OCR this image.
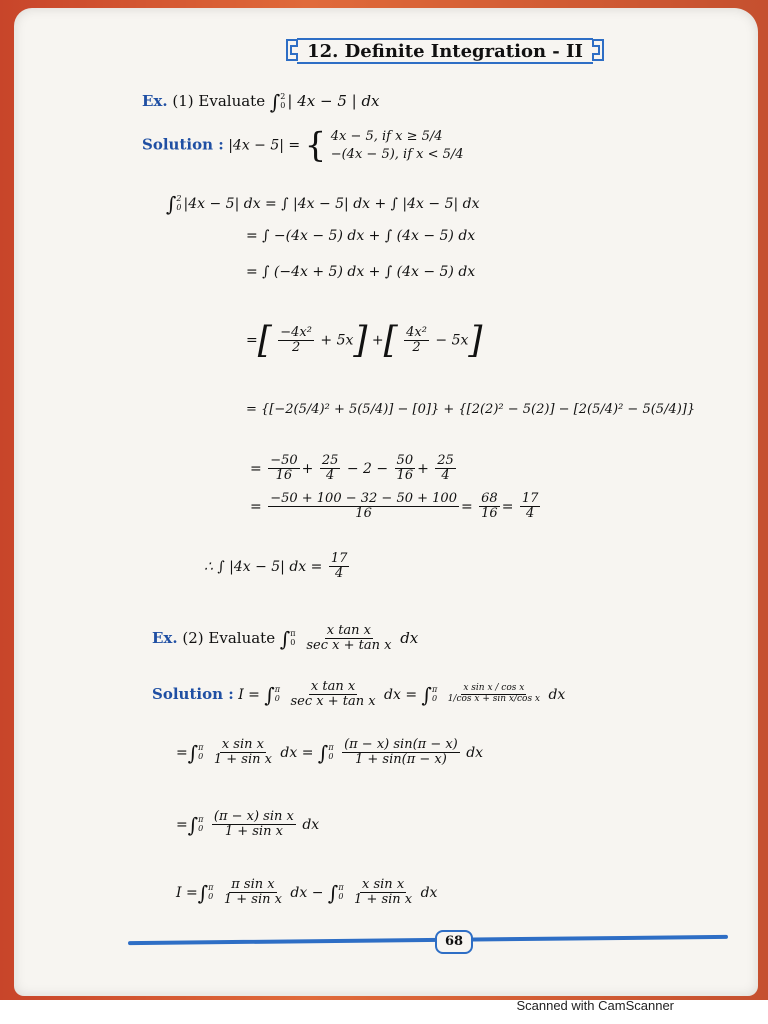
12. Definite Integration - II
Ex. (1) Evaluate ∫ 2
0 | 4x − 5 | dx
Solution : |4x − 5| = { 4x − 5, if x ≥ 5/4
−(4x − 5), if x < 5/4
∫ 2
0 |4x − 5| dx = ∫ |4x − 5| dx + ∫ |4x − 5| dx
= ∫ −(4x − 5) dx + ∫ (4x − 5) dx
= ∫ (−4x + 5) dx + ∫ (4x − 5) dx
=[ $\frac{\text{−4x²}}{2} + 5x$] +[ $\frac{\text{4x²}}{2} - 5x$]
= {[−2(5/4)² + 5(5/4)] − [0]} + {[2(2)² − 5(2)] − [2(5/4)² − 5(5/4)]}
= $\frac{-50}{16} + \frac{25}{4} - 2 - \frac{50}{16} + \frac{25}{4}$
= $\frac{-50 + 100 - 32 - 50 + 100}{16} = \frac{68}{16} = \frac{17}{4}$
∴ ∫ |4x − 5| dx = $\frac{17}{4}$
Ex. (2) Evaluate ∫ π
0
$\frac{\text{x tan x}}{\text{sec x + tan x}}$ dx
Solution : I = ∫ π
0
$\frac{\text{x tan x}}{\text{sec x + tan x}}$ dx = ∫ π
0
$\frac{\text{x sin x / cos x}}{\text{1/cos x + sin x/cos x}}$ dx
=∫ π
0
$\frac{\text{x sin x}}{\text{1 + sin x}}$ dx = ∫ π
0
$\frac{(\pi - x) \sin(\pi - x)}{1 + \sin(\pi - x)}$ dx
=∫ π
0
$\frac{\text{(π − x) sin x}}{\text{1 + sin x}}$ dx
I =∫ π
0
$\frac{\text{π sin x}}{\text{1 + sin x}}$ dx − ∫ π
0
$\frac{\text{x sin x}}{\text{1 + sin x}}$ dx
68
Scanned with CamScanner
